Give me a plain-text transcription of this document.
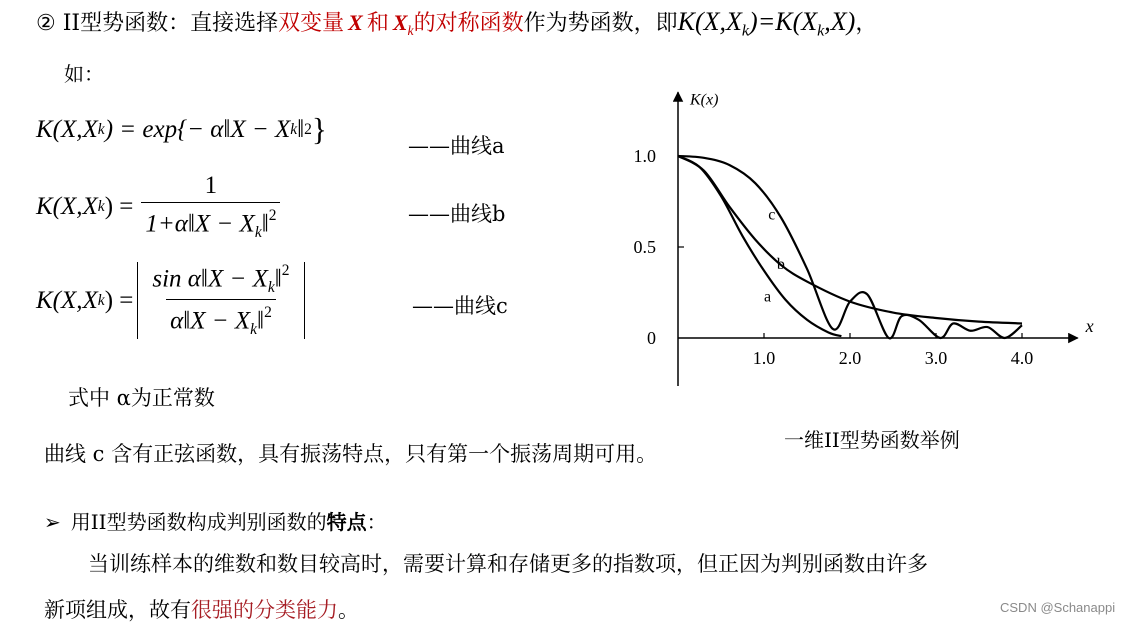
② II型势函数：直接选择双变量 X 和 $X_k$的对称函数作为势函数，即$K(X,X_k)=K(X_k,X)$，
如：
K(X,X k ) = exp{− α‖X − X k ‖ 2 }	——曲线a
K(X,X k ) = $\frac{1}{1+\alpha‖X - X_k‖^2}$	——曲线b
K(X,X k ) = $\frac{\sin \alpha‖X - X_k‖^2}{\alpha‖X - X_k‖^2}$	——曲线c
式中 α为正常数
曲线 c 含有正弦函数，具有振荡特点，只有第一个振荡周期可用。
➢ 用II型势函数构成判别函数的特点：
当训练样本的维数和数目较高时，需要计算和存储更多的指数项，但正因为判别函数由许多
新项组成，故有很强的分类能力。	CSDN @Schanappi
K(x)
x
1.0	2.0	3.0	4.0
1.0
0.5
0
a
b
c
一维II型势函数举例
